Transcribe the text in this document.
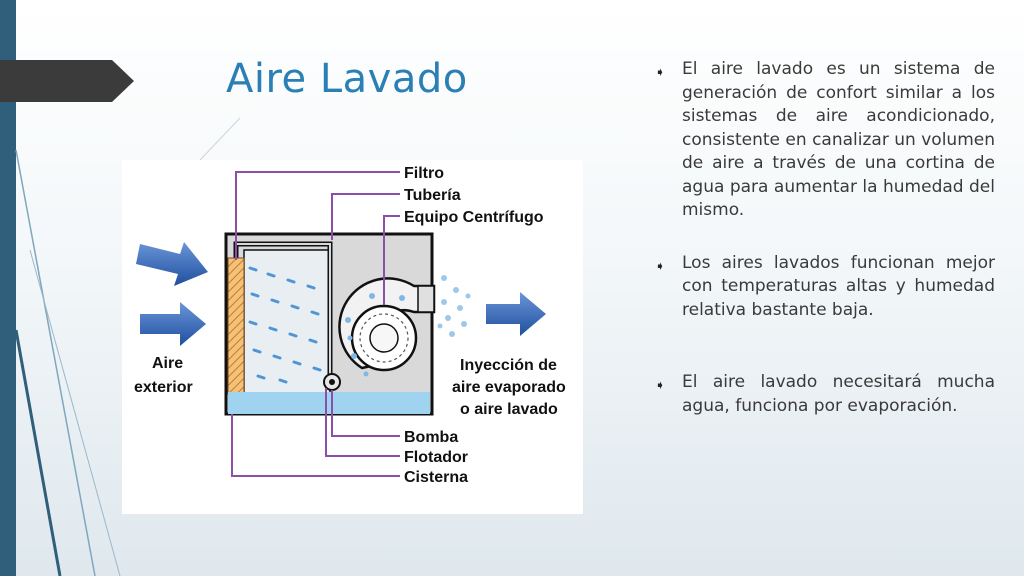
Aire Lavado
Filtro
Tubería
Equipo Centrífugo
Aire
exterior
Inyección de
aire evaporado
o aire lavado
Bomba
Flotador
Cisterna
➧ El aire lavado es un sistema de generación de confort similar a los sistemas de aire acondicionado, consistente en canalizar un volumen de aire a través de una cortina de agua para aumentar la humedad del mismo.
➧ Los aires lavados funcionan mejor con temperaturas altas y humedad relativa bastante baja.
➧ El aire lavado necesitará mucha agua, funciona por evaporación.
